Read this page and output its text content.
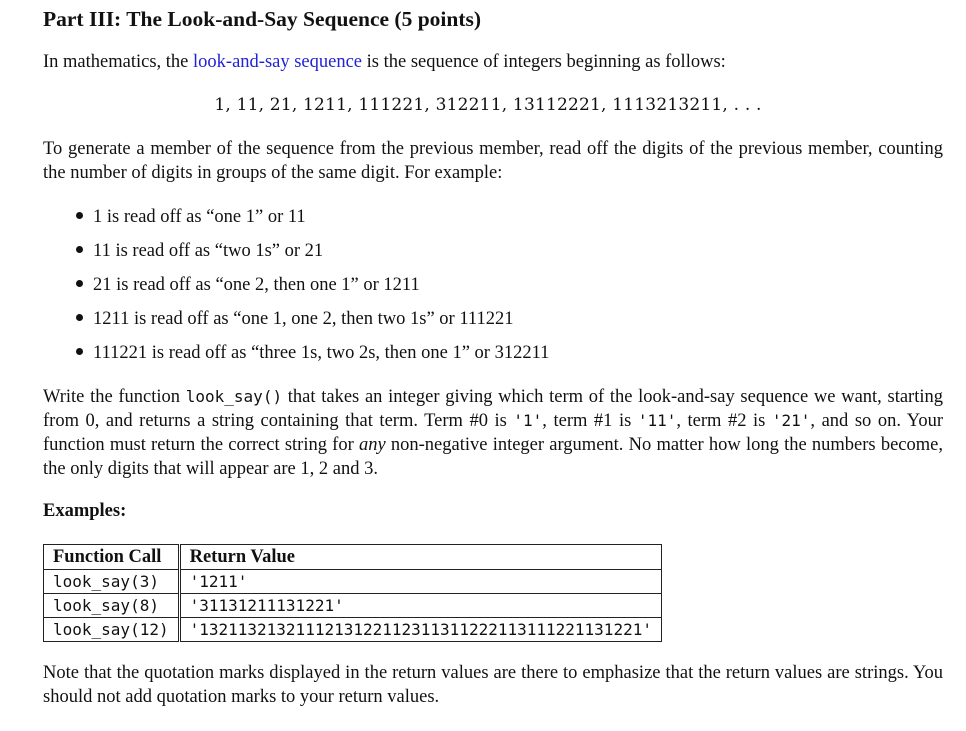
Part III: The Look-and-Say Sequence (5 points)
In mathematics, the look-and-say sequence is the sequence of integers beginning as follows:
1, 11, 21, 1211, 111221, 312211, 13112221, 1113213211, . . .
To generate a member of the sequence from the previous member, read off the digits of the previous member, counting the number of digits in groups of the same digit. For example:
1 is read off as “one 1” or 11
11 is read off as “two 1s” or 21
21 is read off as “one 2, then one 1” or 1211
1211 is read off as “one 1, one 2, then two 1s” or 111221
111221 is read off as “three 1s, two 2s, then one 1” or 312211
Write the function look_say() that takes an integer giving which term of the look-and-say sequence we want, starting from 0, and returns a string containing that term. Term #0 is '1', term #1 is '11', term #2 is '21', and so on. Your function must return the correct string for any non-negative integer argument. No matter how long the numbers become, the only digits that will appear are 1, 2 and 3.
Examples:
Function Call	Return Value
look_say(3)	'1211'
look_say(8)	'31131211131221'
look_say(12)	'1321132132111213122112311311222113111221131221'
Note that the quotation marks displayed in the return values are there to emphasize that the return values are strings. You should not add quotation marks to your return values.
